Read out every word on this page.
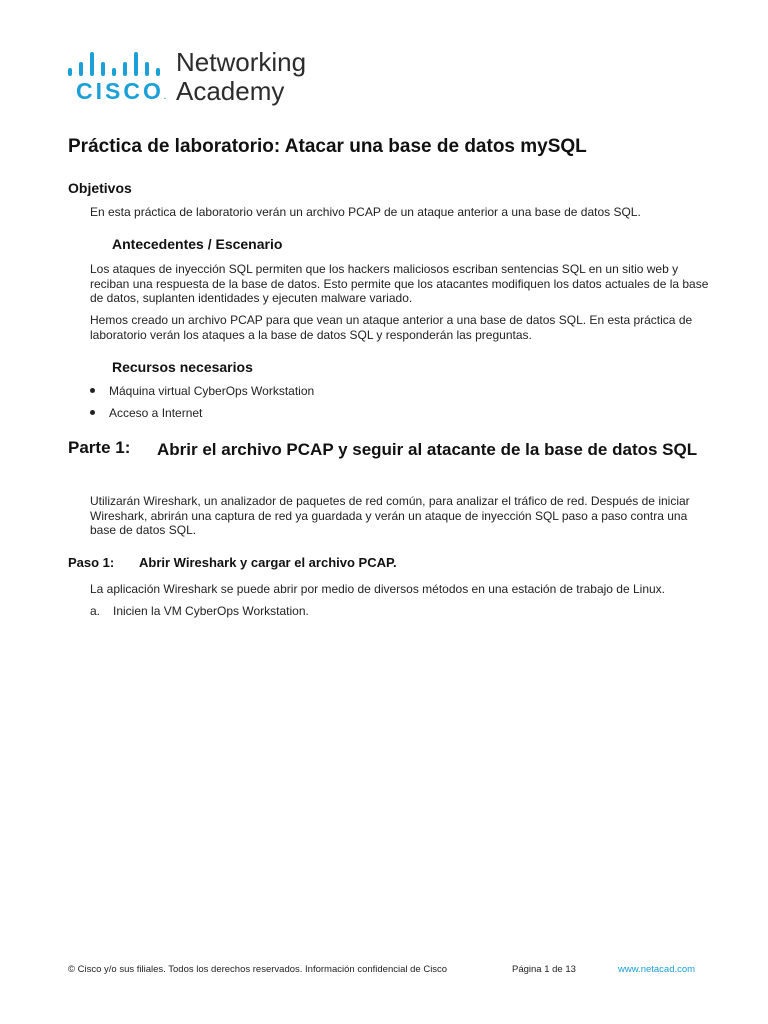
CISCO.
Networking
Academy
Práctica de laboratorio: Atacar una base de datos mySQL
Objetivos
En esta práctica de laboratorio verán un archivo PCAP de un ataque anterior a una base de datos SQL.
Antecedentes / Escenario
Los ataques de inyección SQL permiten que los hackers maliciosos escriban sentencias SQL en un sitio web y reciban una respuesta de la base de datos. Esto permite que los atacantes modifiquen los datos actuales de la base de datos, suplanten identidades y ejecuten malware variado.
Hemos creado un archivo PCAP para que vean un ataque anterior a una base de datos SQL. En esta práctica de laboratorio verán los ataques a la base de datos SQL y responderán las preguntas.
Recursos necesarios
Máquina virtual CyberOps Workstation
Acceso a Internet
Parte 1: Abrir el archivo PCAP y seguir al atacante de la base de datos SQL
Utilizarán Wireshark, un analizador de paquetes de red común, para analizar el tráfico de red. Después de iniciar Wireshark, abrirán una captura de red ya guardada y verán un ataque de inyección SQL paso a paso contra una base de datos SQL.
Paso 1: Abrir Wireshark y cargar el archivo PCAP.
La aplicación Wireshark se puede abrir por medio de diversos métodos en una estación de trabajo de Linux.
a. Inicien la VM CyberOps Workstation.
© Cisco y/o sus filiales. Todos los derechos reservados. Información confidencial de Cisco	Página 1 de 13	www.netacad.com
